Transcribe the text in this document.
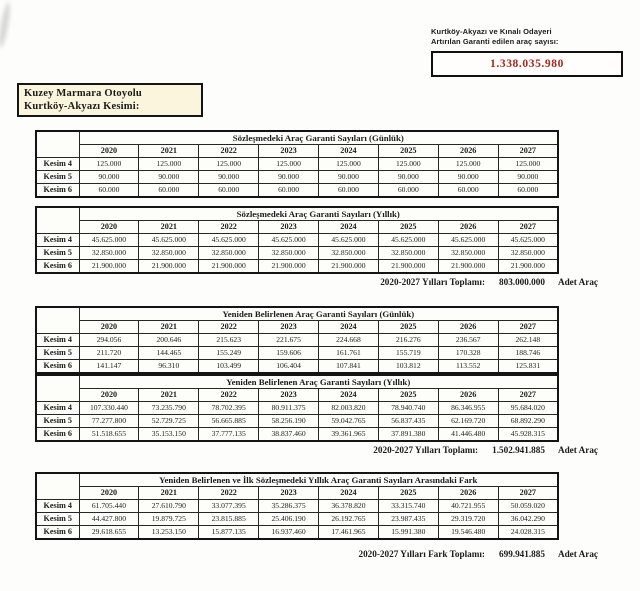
Kurtköy-Akyazı ve Kınalı Odayeri
Artırılan Garanti edilen araç sayısı:
1.338.035.980
Kuzey Marmara Otoyolu
Kurtköy-Akyazı Kesimi:
	Sözleşmedeki Araç Garanti Sayıları (Günlük)							
	2020	2021	2022	2023	2024	2025	2026	2027
Kesim 4	125.000	125.000	125.000	125.000	125.000	125.000	125.000	125.000
Kesim 5	90.000	90.000	90.000	90.000	90.000	90.000	90.000	90.000
Kesim 6	60.000	60.000	60.000	60.000	60.000	60.000	60.000	60.000
	Sözleşmedeki Araç Garanti Sayıları (Yıllık)							
	2020	2021	2022	2023	2024	2025	2026	2027
Kesim 4	45.625.000	45.625.000	45.625.000	45.625.000	45.625.000	45.625.000	45.625.000	45.625.000
Kesim 5	32.850.000	32.850.000	32.850.000	32.850.000	32.850.000	32.850.000	32.850.000	32.850.000
Kesim 6	21.900.000	21.900.000	21.900.000	21.900.000	21.900.000	21.900.000	21.900.000	21.900.000
	Yeniden Belirlenen Araç Garanti Sayıları (Günlük)							
	2020	2021	2022	2023	2024	2025	2026	2027
Kesim 4	294.056	200.646	215.623	221.675	224.668	216.276	236.567	262.148
Kesim 5	211.720	144.465	155.249	159.606	161.761	155.719	170.328	188.746
Kesim 6	141.147	96.310	103.499	106.404	107.841	103.812	113.552	125.831
	Yeniden Belirlenen Araç Garanti Sayıları (Yıllık)							
	2020	2021	2022	2023	2024	2025	2026	2027
Kesim 4	107.330.440	73.235.790	78.702.395	80.911.375	82.003.820	78.940.740	86.346.955	95.684.020
Kesim 5	77.277.800	52.729.725	56.665.885	58.256.190	59.042.765	56.837.435	62.169.720	68.892.290
Kesim 6	51.518.655	35.153.150	37.777.135	38.837.460	39.361.965	37.891.380	41.446.480	45.928.315
	Yeniden Belirlenen ve İlk Sözleşmedeki Yıllık Araç Garanti Sayıları Arasındaki Fark							
	2020	2021	2022	2023	2024	2025	2026	2027
Kesim 4	61.705.440	27.610.790	33.077.395	35.286.375	36.378.820	33.315.740	40.721.955	50.059.020
Kesim 5	44.427.800	19.879.725	23.815.885	25.406.190	26.192.765	23.987.435	29.319.720	36.042.290
Kesim 6	29.618.655	13.253.150	15.877.135	16.937.460	17.461.965	15.991.380	19.546.480	24.028.315
2020-2027 Yılları Toplamı: 803.000.000 Adet Araç
2020-2027 Yılları Toplamı: 1.502.941.885 Adet Araç
2020-2027 Yılları Fark Toplamı: 699.941.885 Adet Araç
